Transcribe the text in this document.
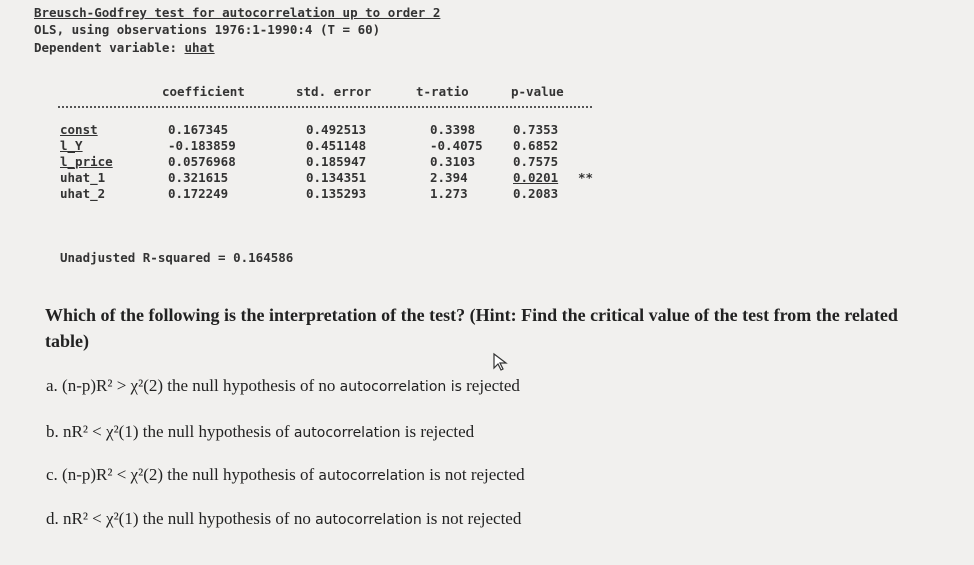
Breusch-Godfrey test for autocorrelation up to order 2
OLS, using observations 1976:1-1990:4 (T = 60)
Dependent variable: uhat
coefficient	std. error	t-ratio	p-value
const	0.167345	0.492513	0.3398	0.7353
l_Y	-0.183859	0.451148	-0.4075 0.6852
l_price	0.0576968	0.185947	0.3103	0.7575
uhat_1	0.321615	0.134351	2.394	0.0201 **
uhat_2	0.172249	0.135293	1.273	0.2083
Unadjusted R-squared = 0.164586
Which of the following is the interpretation of the test? (Hint: Find the critical value of the test from the related table)
a. (n-p)R² > χ²(2) the null hypothesis of no autocorrelation is rejected
b. nR² < χ²(1) the null hypothesis of autocorrelation is rejected
c. (n-p)R² < χ²(2) the null hypothesis of autocorrelation is not rejected
d. nR² < χ²(1) the null hypothesis of no autocorrelation is not rejected
